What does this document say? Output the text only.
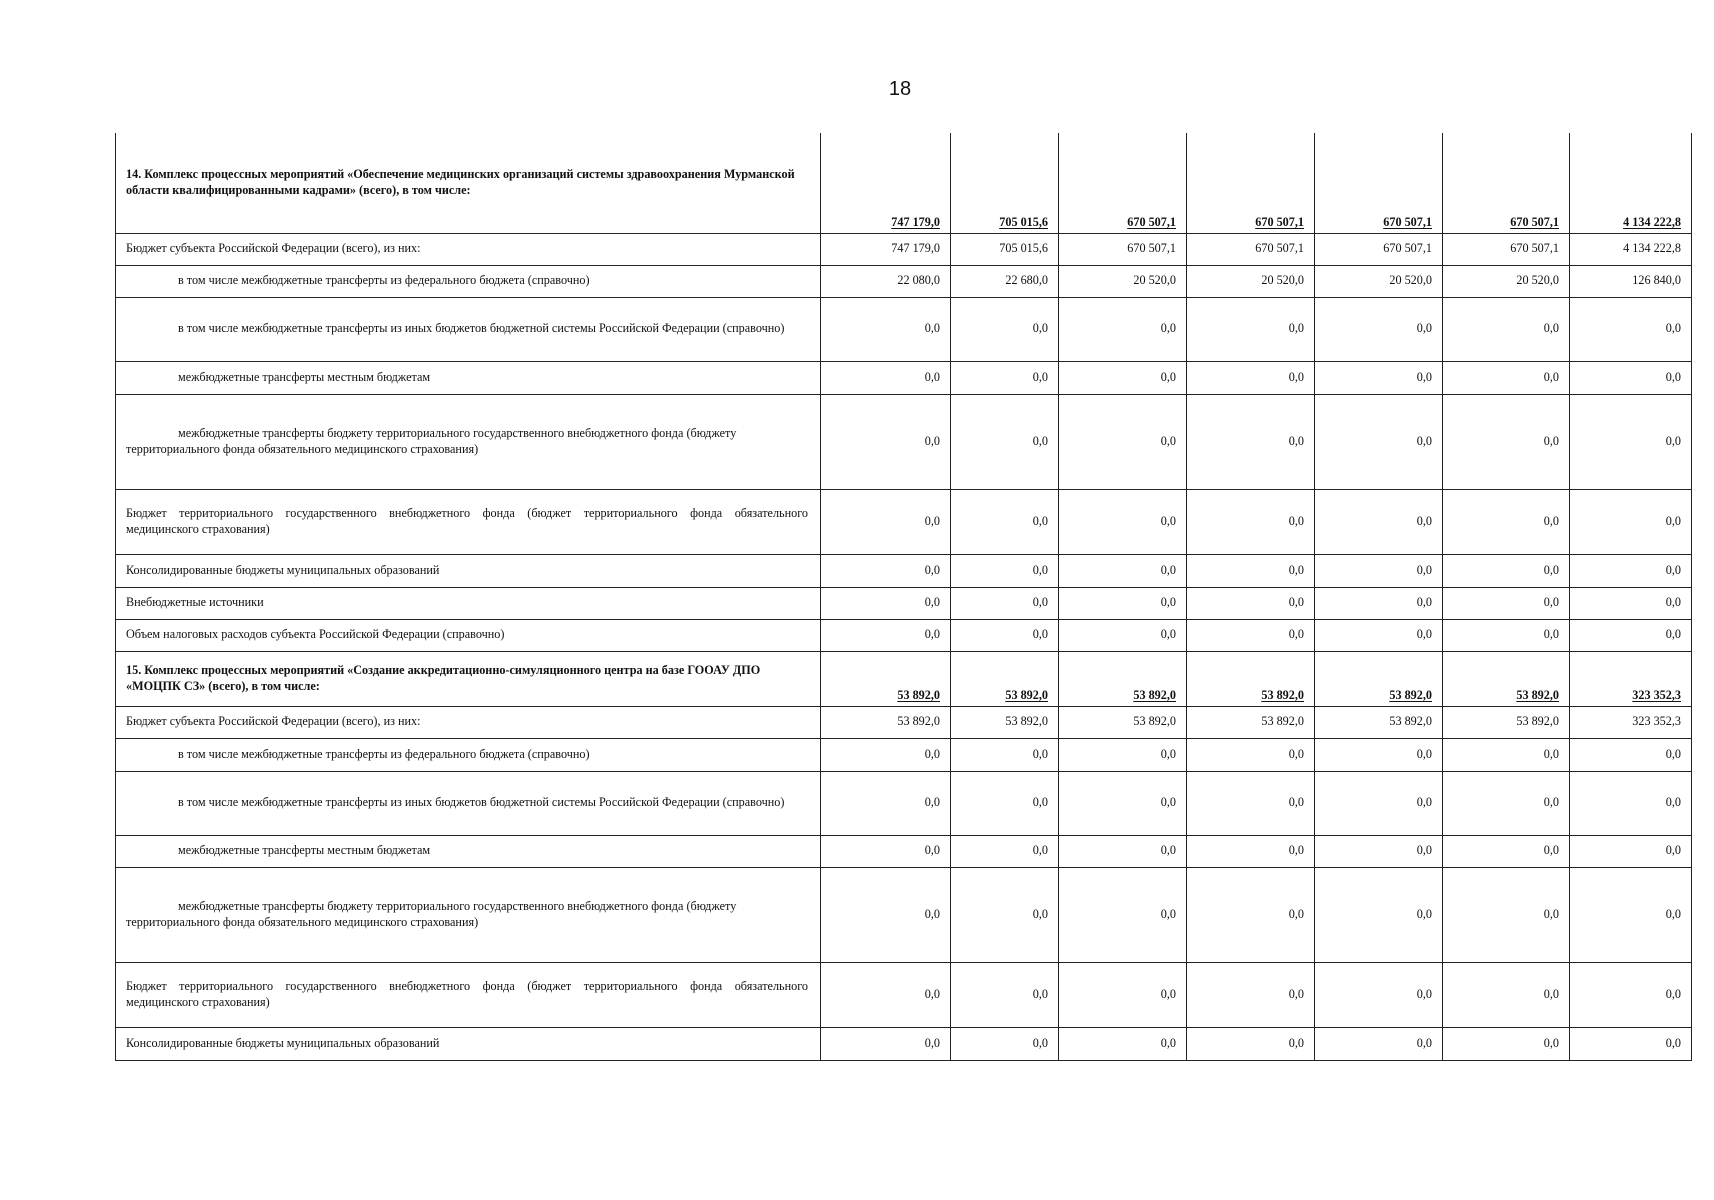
18
14. Комплекс процессных мероприятий «Обеспечение медицинских организаций системы здравоохранения Мурманской области квалифицированными кадрами» (всего), в том числе:	747 179,0	705 015,6	670 507,1	670 507,1	670 507,1	670 507,1	4 134 222,8
Бюджет субъекта Российской Федерации (всего), из них:	747 179,0	705 015,6	670 507,1	670 507,1	670 507,1	670 507,1	4 134 222,8
в том числе межбюджетные трансферты из федерального бюджета (справочно)	22 080,0	22 680,0	20 520,0	20 520,0	20 520,0	20 520,0	126 840,0
в том числе межбюджетные трансферты из иных бюджетов бюджетной системы Российской Федерации (справочно)	0,0	0,0	0,0	0,0	0,0	0,0	0,0
межбюджетные трансферты местным бюджетам	0,0	0,0	0,0	0,0	0,0	0,0	0,0
межбюджетные трансферты бюджету территориального государственного внебюджетного фонда (бюджету территориального фонда обязательного медицинского страхования)	0,0	0,0	0,0	0,0	0,0	0,0	0,0
Бюджет территориального государственного внебюджетного фонда (бюджет территориального фонда обязательного медицинского страхования)	0,0	0,0	0,0	0,0	0,0	0,0	0,0
Консолидированные бюджеты муниципальных образований	0,0	0,0	0,0	0,0	0,0	0,0	0,0
Внебюджетные источники	0,0	0,0	0,0	0,0	0,0	0,0	0,0
Объем налоговых расходов субъекта Российской Федерации (справочно)	0,0	0,0	0,0	0,0	0,0	0,0	0,0
15. Комплекс процессных мероприятий «Создание аккредитационно-симуляционного центра на базе ГООАУ ДПО «МОЦПК СЗ» (всего), в том числе:	53 892,0	53 892,0	53 892,0	53 892,0	53 892,0	53 892,0	323 352,3
Бюджет субъекта Российской Федерации (всего), из них:	53 892,0	53 892,0	53 892,0	53 892,0	53 892,0	53 892,0	323 352,3
в том числе межбюджетные трансферты из федерального бюджета (справочно)	0,0	0,0	0,0	0,0	0,0	0,0	0,0
в том числе межбюджетные трансферты из иных бюджетов бюджетной системы Российской Федерации (справочно)	0,0	0,0	0,0	0,0	0,0	0,0	0,0
межбюджетные трансферты местным бюджетам	0,0	0,0	0,0	0,0	0,0	0,0	0,0
межбюджетные трансферты бюджету территориального государственного внебюджетного фонда (бюджету территориального фонда обязательного медицинского страхования)	0,0	0,0	0,0	0,0	0,0	0,0	0,0
Бюджет территориального государственного внебюджетного фонда (бюджет территориального фонда обязательного медицинского страхования)	0,0	0,0	0,0	0,0	0,0	0,0	0,0
Консолидированные бюджеты муниципальных образований	0,0	0,0	0,0	0,0	0,0	0,0	0,0
